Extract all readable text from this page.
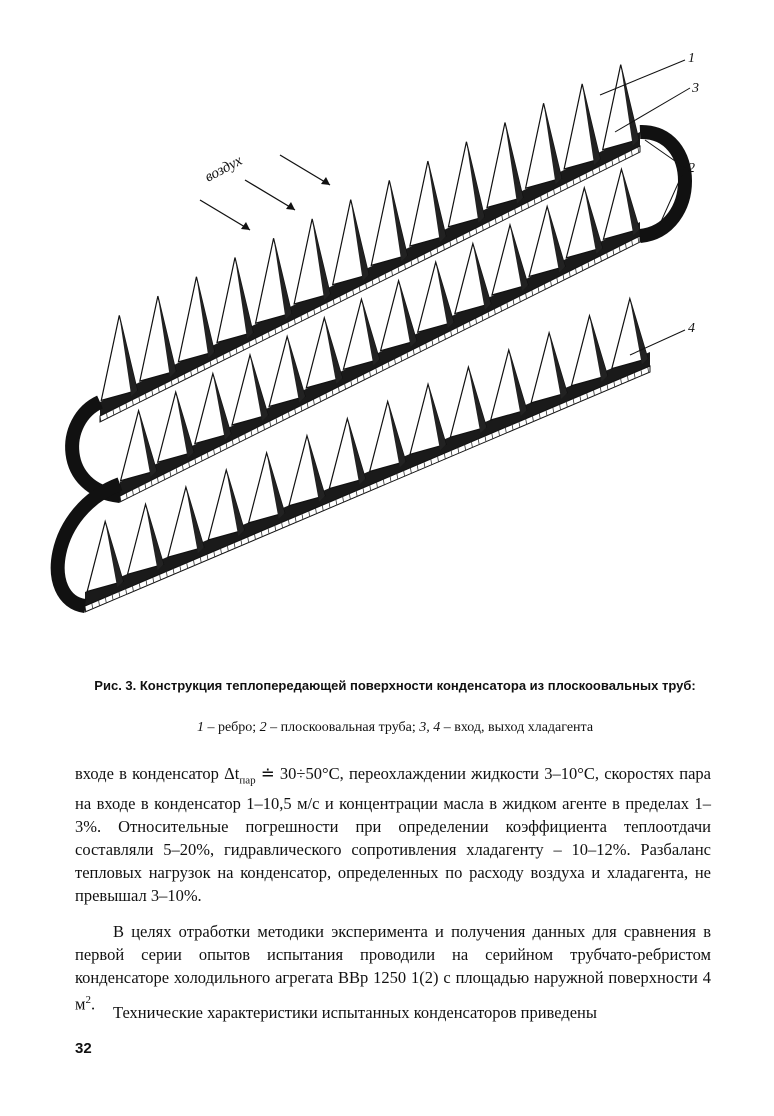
воздух
1
3
2
4
Рис. 3. Конструкция теплопередающей поверхности конденсатора из плоскоовальных труб:
1 – ребро; 2 – плоскоовальная труба; 3, 4 – вход, выход хладагента

входе в конденсатор $\Delta t_{пар}$ ≐ 30÷50°С, переохлаждении жидкости 3–10°С, скоростях пара на входе в конденсатор 1–10,5 м/с и концентрации масла в жидком агенте в пределах 1–3%. Относительные погрешности при определении коэффициента теплоотдачи составляли 5–20%, гидравлического сопротивления хладагенту – 10–12%. Разбаланс тепловых нагрузок на конденсатор, определенных по расходу воздуха и хладагента, не превышал 3–10%.

В целях отработки методики эксперимента и получения данных для сравнения в первой серии опытов испытания проводили на серийном трубчато-ребристом конденсаторе холодильного агрегата ВВр 1250 1(2) с площадью наружной поверхности 4 $м^2$.	Технические характеристики испытанных конденсаторов приведены

32
